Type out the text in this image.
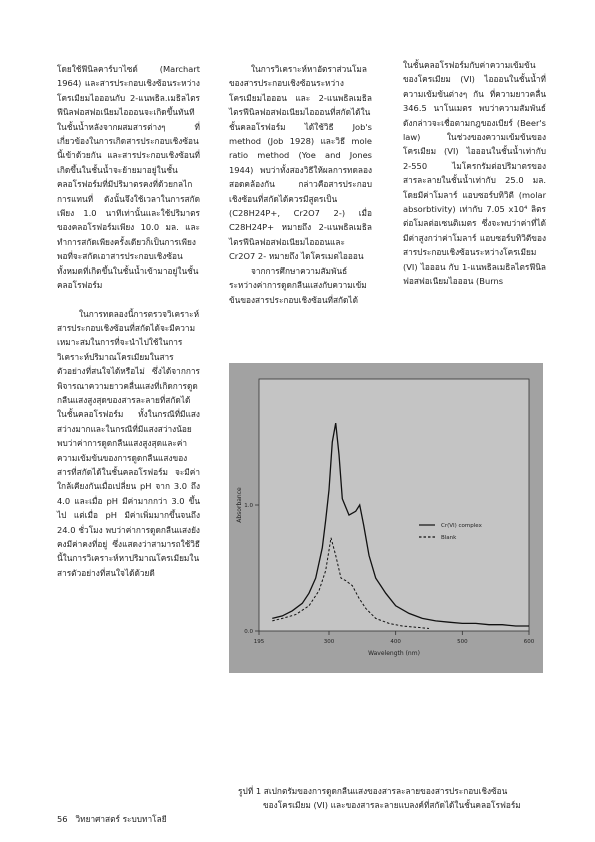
โดยใช้ฟีนิลคาร์บาไซด์ (Marchart 1964) และสารประกอบเชิงซ้อนระหว่างโครเมียมไอออนกับ 2-แนพธิล.เมธิลไตรฟีนิลฟอสฟอเนียมไอออนจะเกิดขึ้นทันทีในชั้นน้ำหลังจากผสมสารต่างๆ ที่เกี่ยวข้องในการเกิดสารประกอบเชิงซ้อนนี้เข้าด้วยกัน และสารประกอบเชิงซ้อนที่เกิดขึ้นในชั้นน้ำจะย้ายมาอยู่ในชั้นคลอโรฟอร์มที่มีปริมาตรคงที่ด้วยกลไกการแทนที่ ดังนั้นจึงใช้เวลาในการสกัดเพียง 1.0 นาทีเท่านั้นและใช้ปริมาตรของคลอโรฟอร์มเพียง 10.0 มล. และทำการสกัดเพียงครั้งเดียวก็เป็นการเพียงพอที่จะสกัดเอาสารประกอบเชิงซ้อนทั้งหมดที่เกิดขึ้นในชั้นน้ำเข้ามาอยู่ในชั้นคลอโรฟอร์ม

ในการทดลองนี้การตรวจวิเคราะห์สารประกอบเชิงซ้อนที่สกัดได้จะมีความเหมาะสมในการที่จะนำไปใช้ในการวิเคราะห์ปริมาณโครเมียมในสารตัวอย่างที่สนใจได้หรือไม่ ซึ่งได้จากการพิจารณาความยาวคลื่นแสงที่เกิดการดูดกลืนแสงสูงสุดของสารละลายที่สกัดได้ในชั้นคลอโรฟอร์ม ทั้งในกรณีที่มีแสงสว่างมากและในกรณีที่มีแสงสว่างน้อย พบว่าค่าการดูดกลืนแสงสูงสุดและค่าความเข้มข้นของการดูดกลืนแสงของสารที่สกัดได้ในชั้นคลอโรฟอร์ม จะมีค่าใกล้เคียงกันเมื่อเปลี่ยน pH จาก 3.0 ถึง 4.0 และเมื่อ pH มีค่ามากกว่า 3.0 ขึ้นไป แต่เมื่อ pH มีค่าเพิ่มมากขึ้นจนถึง 24.0 ชั่วโมง พบว่าค่าการดูดกลืนแสงยังคงมีค่าคงที่อยู่ ซึ่งแสดงว่าสามารถใช้วิธีนี้ในการวิเคราะห์หาปริมาณโครเมียมในสารตัวอย่างที่สนใจได้ด้วยดี

ในการวิเคราะห์หาอัตราส่วนโมลของสารประกอบเชิงซ้อนระหว่างโครเมียมไอออน และ 2-แนพธิลเมธิลไตรฟีนิลฟอสฟอเนียมไอออนที่สกัดได้ในชั้นคลอโรฟอร์ม ได้ใช้วิธี Job's method (Job 1928) และวิธี mole ratio method (Yoe and Jones 1944) พบว่าทั้งสองวิธีให้ผลการทดลองสอดคล้องกัน กล่าวคือสารประกอบเชิงซ้อนที่สกัดได้ควรมีสูตรเป็น (C28H24P+, Cr2O7 2-) เมื่อ C28H24P+ หมายถึง 2-แนพธิลเมธิลไตรฟีนิลฟอสฟอเนียมไอออนและ Cr2O7 2- หมายถึง ไดโครเมตไอออน

จากการศึกษาความสัมพันธ์ระหว่างค่าการดูดกลืนแสงกับความเข้มข้นของสารประกอบเชิงซ้อนที่สกัดได้

ในชั้นคลอโรฟอร์มกับค่าความเข้มข้นของโครเมียม (VI) ไอออนในชั้นน้ำที่ความเข้มข้นต่างๆ กัน ที่ความยาวคลื่น 346.5 นาโนเมตร พบว่าความสัมพันธ์ดังกล่าวจะเชื่อตามกฎของเบียร์ (Beer's law) ในช่วงของความเข้มข้นของโครเมียม (VI) ไอออนในชั้นน้ำเท่ากับ 2-550 ไมโครกรัมต่อปริมาตรของสารละลายในชั้นน้ำเท่ากับ 25.0 มล. โดยมีค่าโมลาร์ แอบซอร์บทิวิตี (molar absorbtivity) เท่ากับ 7.05 x10⁴ ลิตรต่อโมลต่อเซนติเมตร ซึ่งจะพบว่าค่าที่ได้มีค่าสูงกว่าค่าโมลาร์ แอบซอร์บทิวิตีของสารประกอบเชิงซ้อนระหว่างโครเมียม (VI) ไอออน กับ 1-แนพธิลเมธิลไตรฟีนิลฟอสฟอเนียมไอออน (Burns

195	300	400	500	600
0.0
1.0
Wavelength (nm)
Absorbance
Cr(VI) complex
Blank
รูปที่ 1 สเปกตรัมของการดูดกลืนแสงของสารละลายของสารประกอบเชิงซ้อน
ของโครเมียม (VI) และของสารละลายแบลงค์ที่สกัดได้ในชั้นคลอโรฟอร์ม
56 วิทยาศาสตร์ ระบบทาโลยี
